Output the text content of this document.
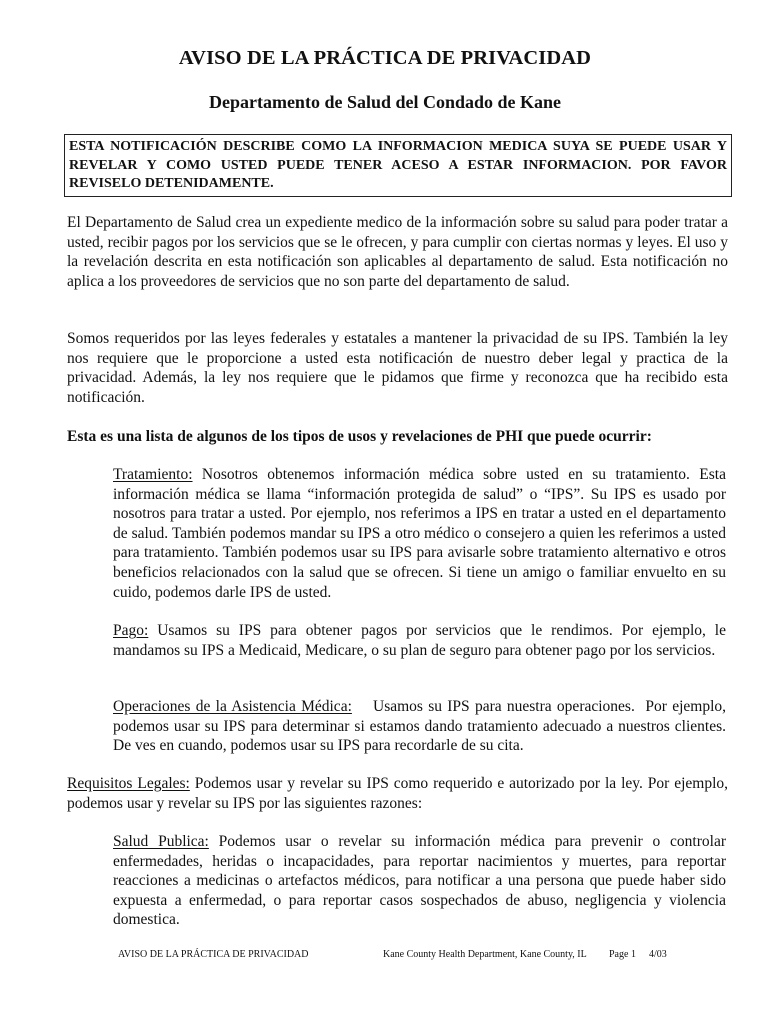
AVISO DE LA PRÁCTICA DE PRIVACIDAD
Departamento de Salud del Condado de Kane
ESTA NOTIFICACIÓN DESCRIBE COMO LA INFORMACION MEDICA SUYA SE PUEDE USAR Y REVELAR Y COMO USTED PUEDE TENER ACESO A ESTAR INFORMACION. POR FAVOR REVISELO DETENIDAMENTE.
El Departamento de Salud crea un expediente medico de la información sobre su salud para poder tratar a usted, recibir pagos por los servicios que se le ofrecen, y para cumplir con ciertas normas y leyes. El uso y la revelación descrita en esta notificación son aplicables al departamento de salud. Esta notificación no aplica a los proveedores de servicios que no son parte del departamento de salud.
Somos requeridos por las leyes federales y estatales a mantener la privacidad de su IPS. También la ley nos requiere que le proporcione a usted esta notificación de nuestro deber legal y practica de la privacidad. Además, la ley nos requiere que le pidamos que firme y reconozca que ha recibido esta notificación.
Esta es una lista de algunos de los tipos de usos y revelaciones de PHI que puede ocurrir:
Tratamiento: Nosotros obtenemos información médica sobre usted en su tratamiento. Esta información médica se llama “información protegida de salud” o “IPS”. Su IPS es usado por nosotros para tratar a usted. Por ejemplo, nos referimos a IPS en tratar a usted en el departamento de salud. También podemos mandar su IPS a otro médico o consejero a quien les referimos a usted para tratamiento. También podemos usar su IPS para avisarle sobre tratamiento alternativo e otros beneficios relacionados con la salud que se ofrecen. Si tiene un amigo o familiar envuelto en su cuido, podemos darle IPS de usted.
Pago: Usamos su IPS para obtener pagos por servicios que le rendimos. Por ejemplo, le mandamos su IPS a Medicaid, Medicare, o su plan de seguro para obtener pago por los servicios.
Operaciones de la Asistencia Médica:    Usamos su IPS para nuestra operaciones.  Por ejemplo, podemos usar su IPS para determinar si estamos dando tratamiento adecuado a nuestros clientes.  De ves en cuando, podemos usar su IPS para recordarle de su cita.
Requisitos Legales: Podemos usar y revelar su IPS como requerido e autorizado por la ley. Por ejemplo, podemos usar y revelar su IPS por las siguientes razones:
Salud Publica: Podemos usar o revelar su información médica para prevenir o controlar enfermedades, heridas o incapacidades, para reportar nacimientos y muertes, para reportar reacciones a medicinas o artefactos médicos, para notificar a una persona que puede haber sido expuesta a enfermedad, o para reportar casos sospechados de abuso, negligencia y violencia domestica.
AVISO DE LA PRÁCTICA DE PRIVACIDAD	Kane County Health Department, Kane County, IL Page 1 4/03
